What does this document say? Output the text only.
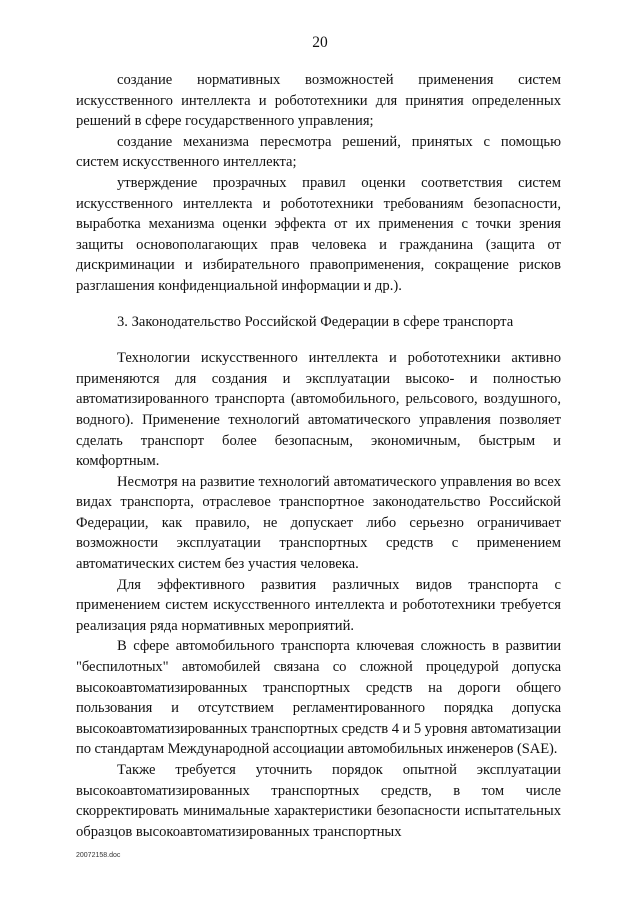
20

создание нормативных возможностей применения систем искусственного интеллекта и робототехники для принятия определенных решений в сфере государственного управления;

создание механизма пересмотра решений, принятых с помощью систем искусственного интеллекта;

утверждение прозрачных правил оценки соответствия систем искусственного интеллекта и робототехники требованиям безопасности, выработка механизма оценки эффекта от их применения с точки зрения защиты основополагающих прав человека и гражданина (защита от дискриминации и избирательного правоприменения, сокращение рисков разглашения конфиденциальной информации и др.).

3. Законодательство Российской Федерации в сфере транспорта

Технологии искусственного интеллекта и робототехники активно применяются для создания и эксплуатации высоко- и полностью автоматизированного транспорта (автомобильного, рельсового, воздушного, водного). Применение технологий автоматического управления позволяет сделать транспорт более безопасным, экономичным, быстрым и комфортным.

Несмотря на развитие технологий автоматического управления во всех видах транспорта, отраслевое транспортное законодательство Российской Федерации, как правило, не допускает либо серьезно ограничивает возможности эксплуатации транспортных средств с применением автоматических систем без участия человека.

Для эффективного развития различных видов транспорта с применением систем искусственного интеллекта и робототехники требуется реализация ряда нормативных мероприятий.

В сфере автомобильного транспорта ключевая сложность в развитии "беспилотных" автомобилей связана со сложной процедурой допуска высокоавтоматизированных транспортных средств на дороги общего пользования и отсутствием регламентированного порядка допуска высокоавтоматизированных транспортных средств 4 и 5 уровня автоматизации по стандартам Международной ассоциации автомобильных инженеров (SAE).

Также требуется уточнить порядок опытной эксплуатации высокоавтоматизированных транспортных средств, в том числе скорректировать минимальные характеристики безопасности испытательных образцов высокоавтоматизированных транспортных

20072158.doc
